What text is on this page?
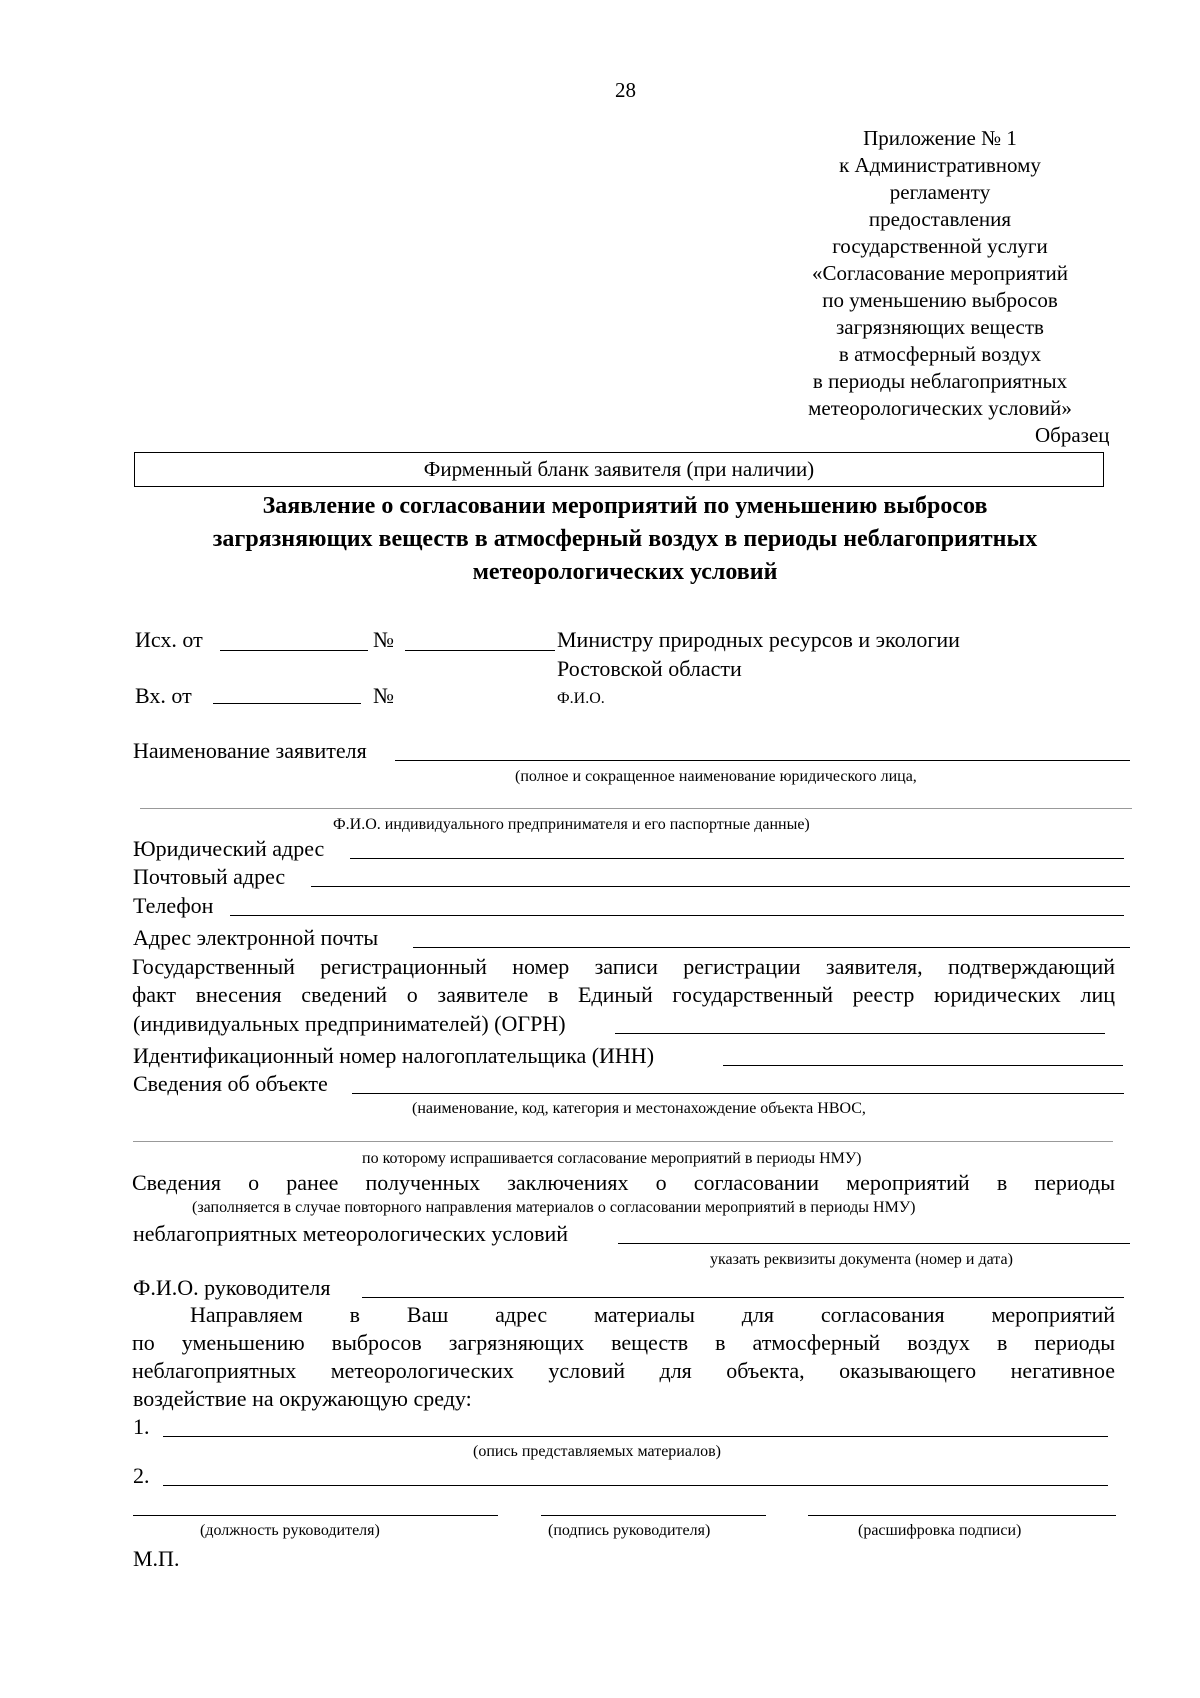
28
Приложение № 1
к Административному
регламенту
предоставления
государственной услуги
«Согласование мероприятий
по уменьшению выбросов
загрязняющих веществ
в атмосферный воздух
в периоды неблагоприятных
метеорологических условий»
Образец
Фирменный бланк заявителя (при наличии)
Заявление о согласовании мероприятий по уменьшению выбросов
загрязняющих веществ в атмосферный воздух в периоды неблагоприятных
метеорологических условий
Исх. от	№	Министру природных ресурсов и экологии
Ростовской области
Вх. от	№	Ф.И.О.
Наименование заявителя
(полное и сокращенное наименование юридического лица,
Ф.И.О. индивидуального предпринимателя и его паспортные данные)
Юридический адрес
Почтовый адрес
Телефон
Адрес электронной почты
Государственный регистрационный номер записи регистрации заявителя, подтверждающий
факт внесения сведений о заявителе в Единый государственный реестр юридических лиц
(индивидуальных предпринимателей) (ОГРН)
Идентификационный номер налогоплательщика (ИНН)
Сведения об объекте
(наименование, код, категория и местонахождение объекта НВОС,
по которому испрашивается согласование мероприятий в периоды НМУ)
Сведения о ранее полученных заключениях о согласовании мероприятий в периоды
(заполняется в случае повторного направления материалов о согласовании мероприятий в периоды НМУ)
неблагоприятных метеорологических условий
указать реквизиты документа (номер и дата)
Ф.И.О. руководителя
Направляем в Ваш адрес материалы для согласования мероприятий
по уменьшению выбросов загрязняющих веществ в атмосферный воздух в периоды
неблагоприятных метеорологических условий для объекта, оказывающего негативное
воздействие на окружающую среду:
1.
(опись представляемых материалов)
2.
(должность руководителя)	(подпись руководителя)	(расшифровка подписи)
М.П.
